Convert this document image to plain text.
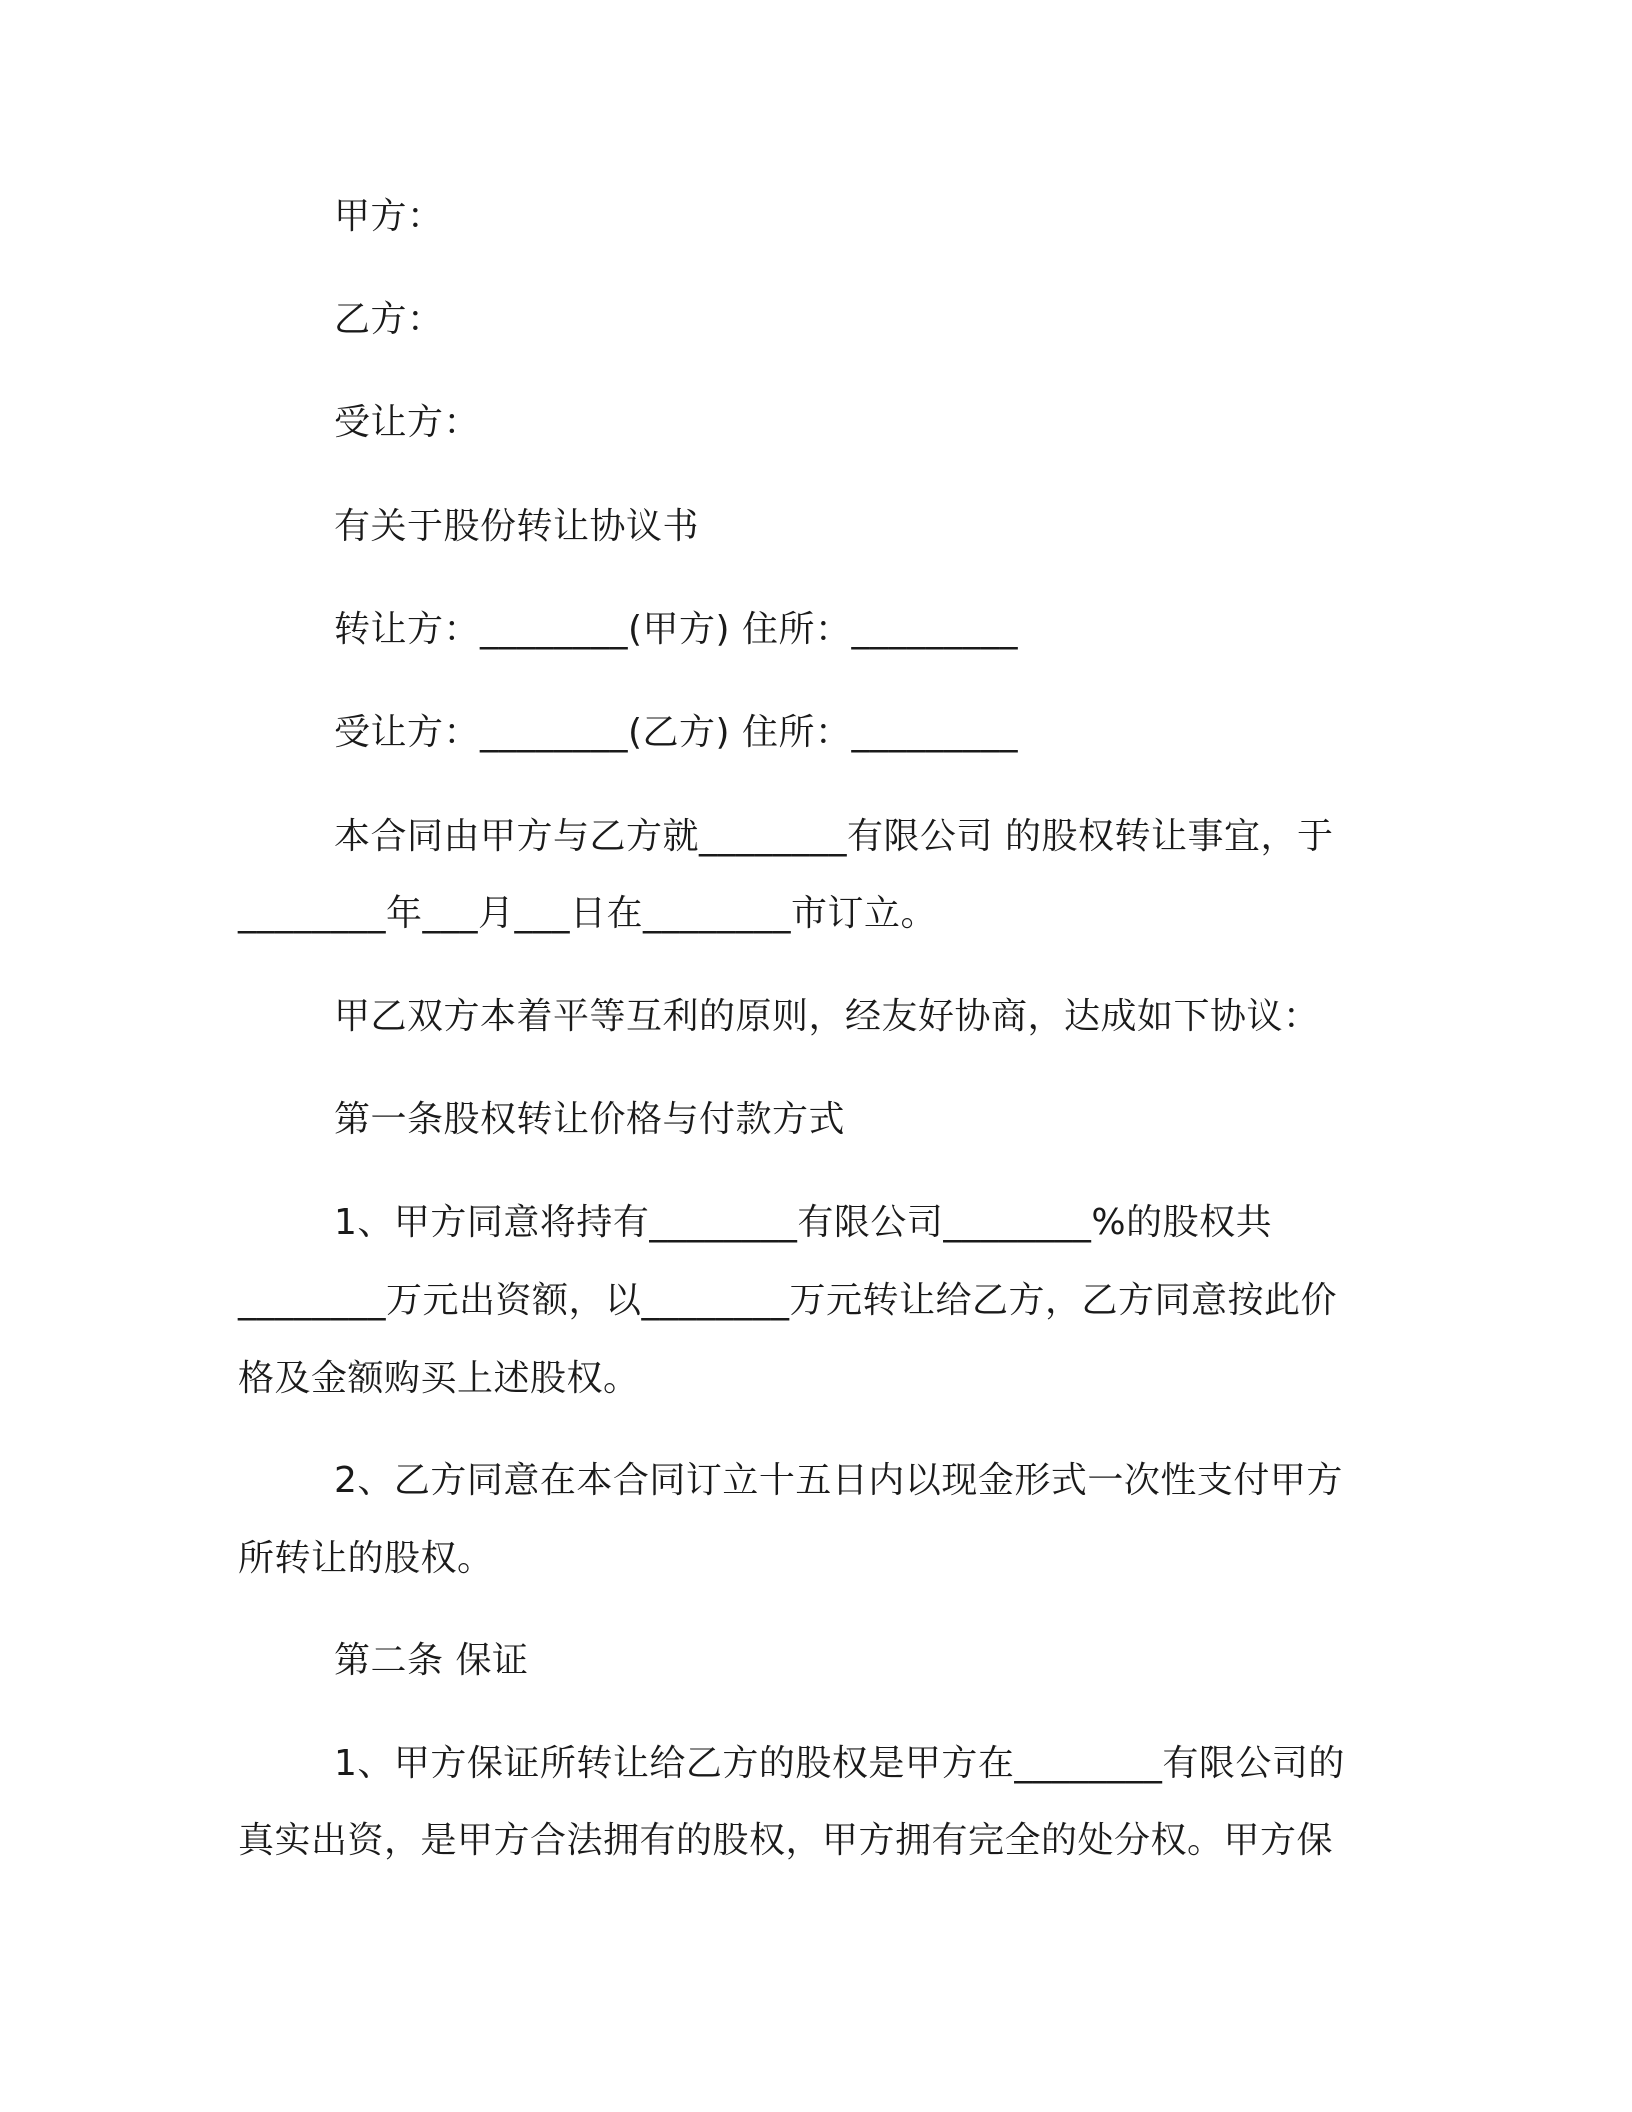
甲方：
乙方：
受让方：
有关于股份转让协议书
转让方：________(甲方) 住所：_________
受让方：________(乙方) 住所：_________
本合同由甲方与乙方就________有限公司 的股权转让事宜，于
________年___月___日在________市订立。
甲乙双方本着平等互利的原则，经友好协商，达成如下协议：
第一条股权转让价格与付款方式
1、甲方同意将持有________有限公司________%的股权共
________万元出资额，以________万元转让给乙方，乙方同意按此价
格及金额购买上述股权。
2、乙方同意在本合同订立十五日内以现金形式一次性支付甲方
所转让的股权。
第二条 保证
1、甲方保证所转让给乙方的股权是甲方在________有限公司的
真实出资，是甲方合法拥有的股权，甲方拥有完全的处分权。甲方保
